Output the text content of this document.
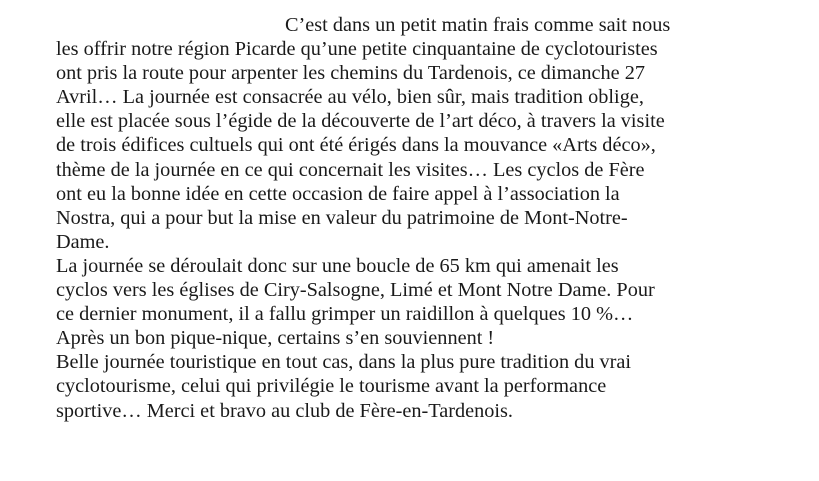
C’est dans un petit matin frais comme sait nous
les offrir notre région Picarde qu’une petite cinquantaine de cyclotouristes
ont pris la route pour arpenter les chemins du Tardenois, ce dimanche 27
Avril… La journée est consacrée au vélo, bien sûr, mais tradition oblige,
elle est placée sous l’égide de la découverte de l’art déco, à travers la visite
de trois édifices cultuels qui ont été érigés dans la mouvance «Arts déco»,
thème de la journée en ce qui concernait les visites… Les cyclos de Fère
ont eu la bonne idée en cette occasion de faire appel à l’association la
Nostra, qui a pour but la mise en valeur du patrimoine de Mont-Notre-
Dame.

La journée se déroulait donc sur une boucle de 65 km qui amenait les
cyclos vers les églises de Ciry-Salsogne, Limé et Mont Notre Dame. Pour
ce dernier monument, il a fallu grimper un raidillon à quelques 10 %…
Après un bon pique-nique, certains s’en souviennent !

Belle journée touristique en tout cas, dans la plus pure tradition du vrai
cyclotourisme, celui qui privilégie le tourisme avant la performance
sportive… Merci et bravo au club de Fère-en-Tardenois.
